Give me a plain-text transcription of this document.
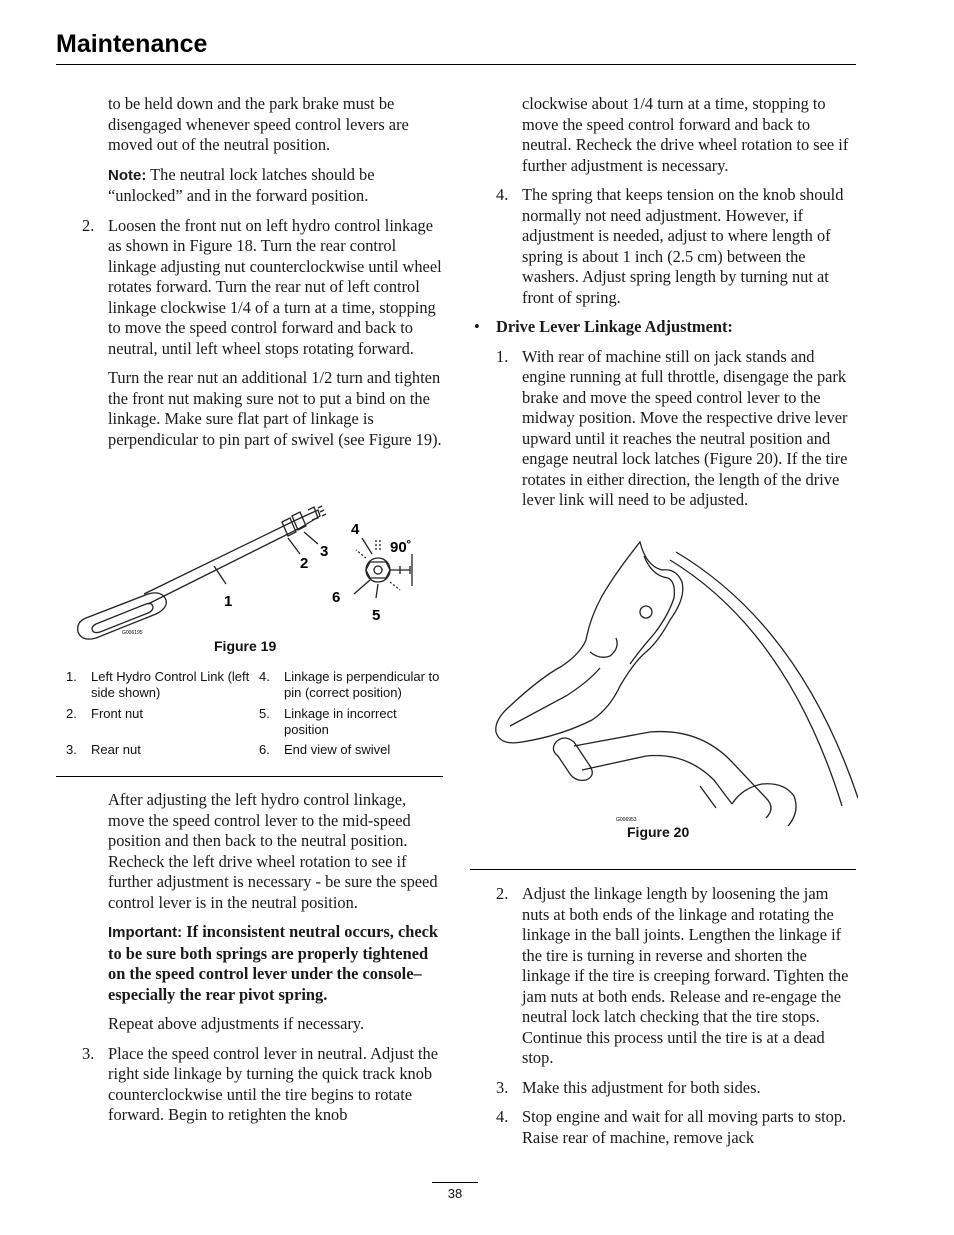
Maintenance

to be held down and the park brake must be disengaged whenever speed control levers are moved out of the neutral position.

Note: The neutral lock latches should be “unlocked” and in the forward position.

2. Loosen the front nut on left hydro control linkage as shown in Figure 18. Turn the rear control linkage adjusting nut counterclockwise until wheel rotates forward. Turn the rear nut of left control linkage clockwise 1/4 of a turn at a time, stopping to move the speed control forward and back to neutral, until left wheel stops rotating forward.

Turn the rear nut an additional 1/2 turn and tighten the front nut making sure not to put a bind on the linkage. Make sure flat part of linkage is perpendicular to pin part of swivel (see Figure 19).

1
2
3
4
5
6
90˚
G006195
Figure 19
1. Left Hydro Control Link (left side shown)
2. Front nut
3. Rear nut
4. Linkage is perpendicular to pin (correct position)
5. Linkage in incorrect position
6. End view of swivel

After adjusting the left hydro control linkage, move the speed control lever to the mid-speed position and then back to the neutral position. Recheck the left drive wheel rotation to see if further adjustment is necessary - be sure the speed control lever is in the neutral position.

Important: If inconsistent neutral occurs, check to be sure both springs are properly tightened on the speed control lever under the console–especially the rear pivot spring.

Repeat above adjustments if necessary.

3. Place the speed control lever in neutral. Adjust the right side linkage by turning the quick track knob counterclockwise until the tire begins to rotate forward. Begin to retighten the knob

clockwise about 1/4 turn at a time, stopping to move the speed control forward and back to neutral. Recheck the drive wheel rotation to see if further adjustment is necessary.

4. The spring that keeps tension on the knob should normally not need adjustment. However, if adjustment is needed, adjust to where length of spring is about 1 inch (2.5 cm) between the washers. Adjust spring length by turning nut at front of spring.

• Drive Lever Linkage Adjustment:

1. With rear of machine still on jack stands and engine running at full throttle, disengage the park brake and move the speed control lever to the midway position. Move the respective drive lever upward until it reaches the neutral position and engage neutral lock latches (Figure 20). If the tire rotates in either direction, the length of the drive lever link will need to be adjusted.

G006953
Figure 20
2. Adjust the linkage length by loosening the jam nuts at both ends of the linkage and rotating the linkage in the ball joints. Lengthen the linkage if the tire is turning in reverse and shorten the linkage if the tire is creeping forward. Tighten the jam nuts at both ends. Release and re-engage the neutral lock latch checking that the tire stops. Continue this process until the tire is at a dead stop.

3. Make this adjustment for both sides.

4. Stop engine and wait for all moving parts to stop. Raise rear of machine, remove jack

38
